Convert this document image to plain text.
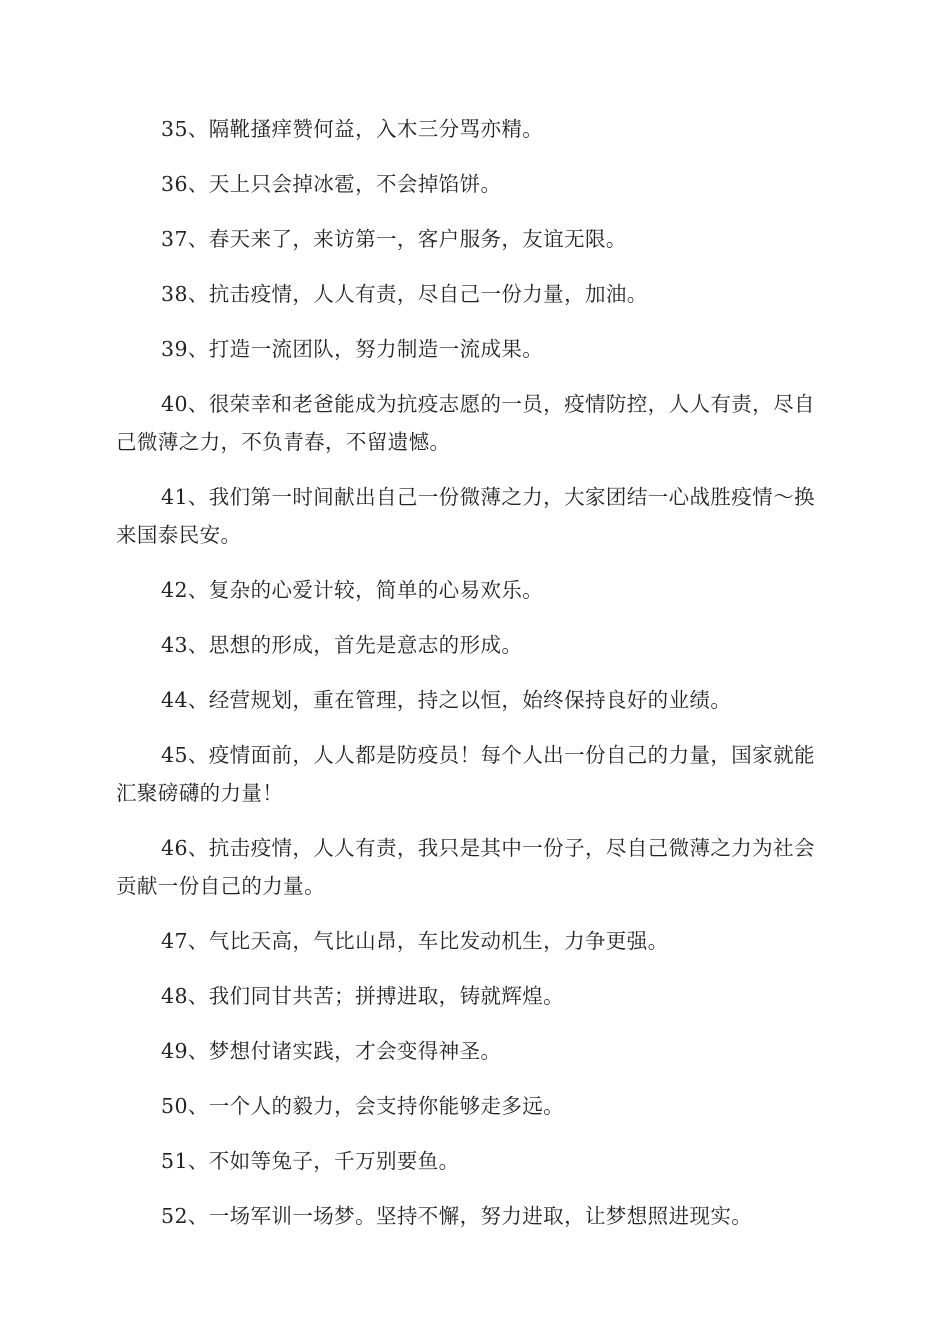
35、隔靴搔痒赞何益，入木三分骂亦精。

36、天上只会掉冰雹，不会掉馅饼。

37、春天来了，来访第一，客户服务，友谊无限。

38、抗击疫情，人人有责，尽自己一份力量，加油。

39、打造一流团队，努力制造一流成果。

40、很荣幸和老爸能成为抗疫志愿的一员，疫情防控，人人有责，尽自己微薄之力，不负青春，不留遗憾。

41、我们第一时间献出自己一份微薄之力，大家团结一心战胜疫情～换来国泰民安。

42、复杂的心爱计较，简单的心易欢乐。

43、思想的形成，首先是意志的形成。

44、经营规划，重在管理，持之以恒，始终保持良好的业绩。

45、疫情面前，人人都是防疫员！每个人出一份自己的力量，国家就能汇聚磅礴的力量！

46、抗击疫情，人人有责，我只是其中一份子，尽自己微薄之力为社会贡献一份自己的力量。

47、气比天高，气比山昂，车比发动机生，力争更强。

48、我们同甘共苦；拼搏进取，铸就辉煌。

49、梦想付诸实践，才会变得神圣。

50、一个人的毅力，会支持你能够走多远。

51、不如等兔子，千万别要鱼。

52、一场军训一场梦。坚持不懈，努力进取，让梦想照进现实。
